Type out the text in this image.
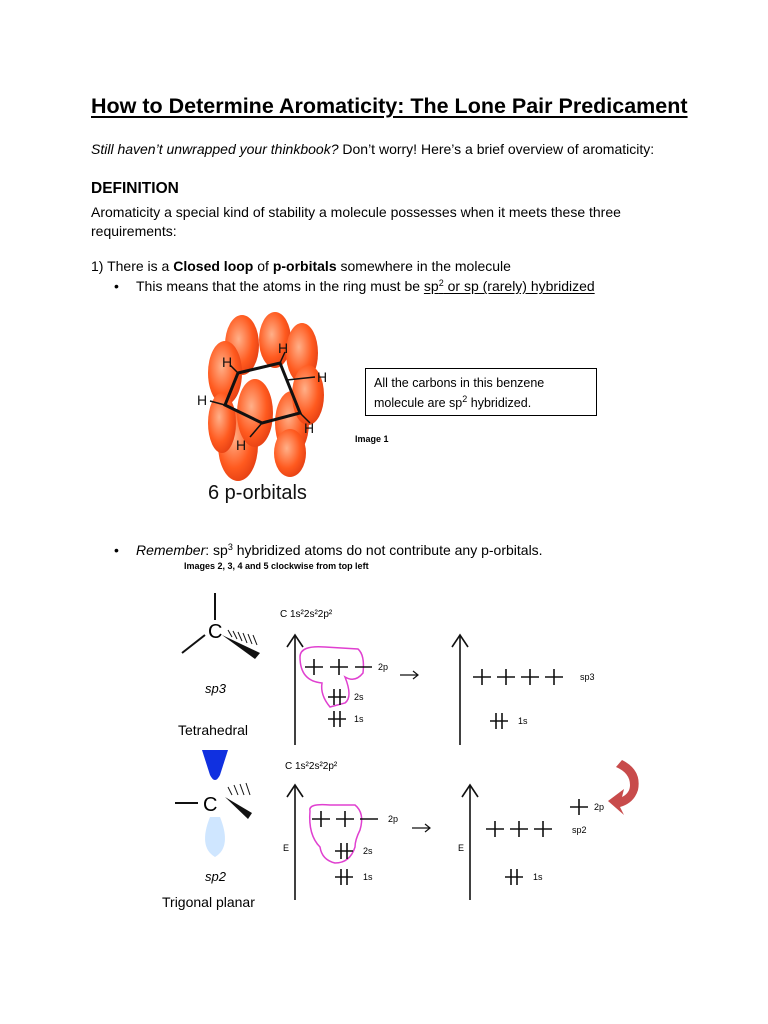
How to Determine Aromaticity: The Lone Pair Predicament
Still haven’t unwrapped your thinkbook? Don’t worry! Here’s a brief overview of aromaticity:
DEFINITION
Aromaticity a special kind of stability a molecule possesses when it meets these three requirements:
1) There is a Closed loop of p-orbitals somewhere in the molecule
• This means that the atoms in the ring must be $sp^2$ or sp (rarely) hybridized
H
H
H
H
H
H
6 p-orbitals
All the carbons in this benzene molecule are $sp^2$ hybridized.
Image 1
• Remember: $sp^3$ hybridized atoms do not contribute any p-orbitals.
Images 2, 3, 4 and 5 clockwise from top left
C
sp3
Tetrahedral
C
sp2
Trigonal planar
C 1s²2s²2p²
2p
2s
1s
sp3
1s
C 1s²2s²2p²
E
2p
2s
1s
E
2p
sp2
1s
